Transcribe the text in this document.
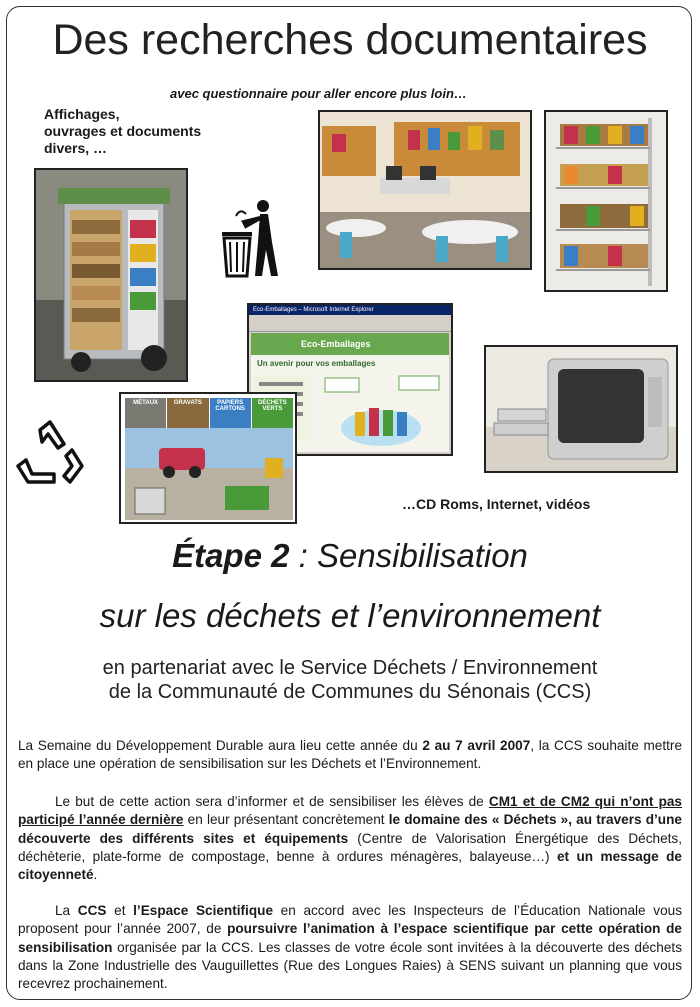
Des recherches documentaires
avec questionnaire pour aller encore plus loin…
Affichages,
ouvrages et documents
divers, …
Eco-Emballages – Microsoft Internet Explorer
Eco-Emballages
Un avenir pour vos emballages
MÉTAUX	GRAVATS	PAPIERS CARTONS
DÉCHETS VERTS
…CD Roms, Internet, vidéos
Étape 2 : Sensibilisation
sur les déchets et l’environnement
en partenariat avec le Service Déchets / Environnement
de la Communauté de Communes du Sénonais (CCS)
La Semaine du Développement Durable aura lieu cette année du 2 au 7 avril 2007, la CCS souhaite mettre en place une opération de sensibilisation sur les Déchets et l’Environnement.
Le but de cette action sera d’informer et de sensibiliser les élèves de CM1 et de CM2 qui n’ont pas participé l’année dernière en leur présentant concrètement le domaine des « Déchets », au travers d’une découverte des différents sites et équipements (Centre de Valorisation Énergétique des Déchets, déchèterie, plate-forme de compostage, benne à ordures ménagères, balayeuse…) et un message de citoyenneté.
La CCS et l’Espace Scientifique en accord avec les Inspecteurs de l’Éducation Nationale vous proposent pour l’année 2007, de poursuivre l’animation à l’espace scientifique par cette opération de sensibilisation organisée par la CCS. Les classes de votre école sont invitées à la découverte des déchets dans la Zone Industrielle des Vauguillettes (Rue des Longues Raies) à SENS suivant un planning que vous recevrez prochainement.
